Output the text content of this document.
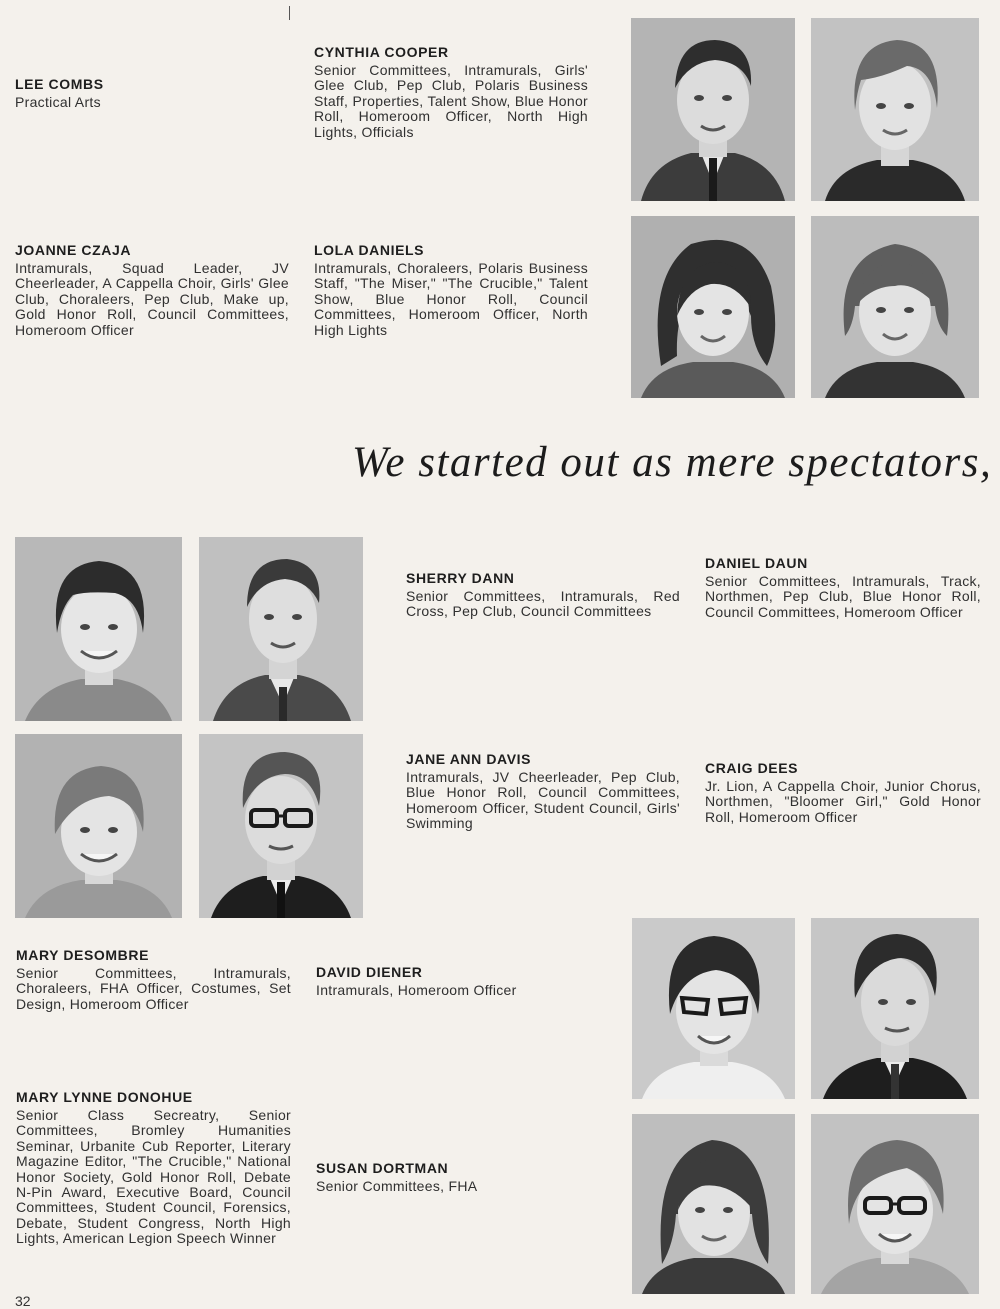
LEE COMBS

Practical Arts

CYNTHIA COOPER

Senior Committees, Intramurals, Girls' Glee Club, Pep Club, Polaris Business Staff, Properties, Talent Show, Blue Honor Roll, Homeroom Officer, North High Lights, Officials

JOANNE CZAJA

Intramurals, Squad Leader, JV Cheerleader, A Cappella Choir, Girls' Glee Club, Choraleers, Pep Club, Make up, Gold Honor Roll, Council Committees, Homeroom Officer

LOLA DANIELS

Intramurals, Choraleers, Polaris Business Staff, "The Miser," "The Crucible," Talent Show, Blue Honor Roll, Council Committees, Homeroom Officer, North High Lights

We started out as mere spectators,

SHERRY DANN

Senior Committees, Intramurals, Red Cross, Pep Club, Council Committees

DANIEL DAUN

Senior Committees, Intramurals, Track, Northmen, Pep Club, Blue Honor Roll, Council Committees, Homeroom Officer

JANE ANN DAVIS

Intramurals, JV Cheerleader, Pep Club, Blue Honor Roll, Council Committees, Homeroom Officer, Student Council, Girls' Swimming

CRAIG DEES

Jr. Lion, A Cappella Choir, Junior Chorus, Northmen, "Bloomer Girl," Gold Honor Roll, Homeroom Officer

MARY DESOMBRE

Senior Committees, Intramurals, Choraleers, FHA Officer, Costumes, Set Design, Homeroom Officer

DAVID DIENER

Intramurals, Homeroom Officer

MARY LYNNE DONOHUE

Senior Class Secreatry, Senior Committees, Bromley Humanities Seminar, Urbanite Cub Reporter, Literary Magazine Editor, "The Crucible," National Honor Society, Gold Honor Roll, Debate N-Pin Award, Executive Board, Council Committees, Student Council, Forensics, Debate, Student Congress, North High Lights, American Legion Speech Winner

SUSAN DORTMAN

Senior Committees, FHA

32
